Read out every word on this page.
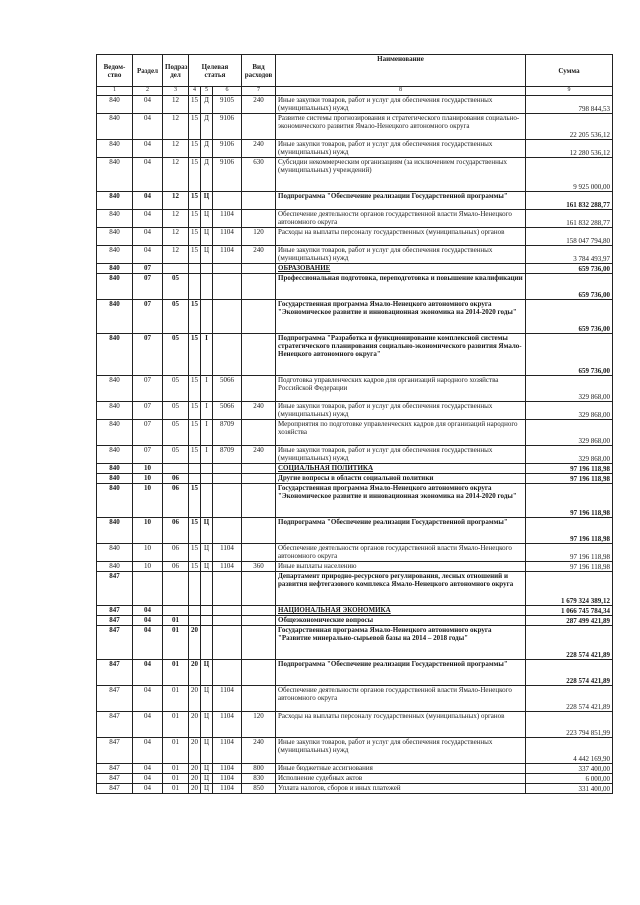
Ведом-ство	Раздел	Подраз дел	Целевая статья			Вид расходов	Наименование	Сумма
1	2	3	4	5	6	7	8	9
840	04	12	15	Д	9105	240	Иные закупки товаров, работ и услуг для обеспечения государственных (муниципальных) нужд	798 844,53
840	04	12	15	Д	9106		Развитие системы прогнозирования и стратегического планирования социально-экономического развития Ямало-Ненецкого автономного округа	22 205 536,12
840	04	12	15	Д	9106	240	Иные закупки товаров, работ и услуг для обеспечения государственных (муниципальных) нужд	12 280 536,12
840	04	12	15	Д	9106	630	Субсидии некоммерческим организациям (за исключением государственных (муниципальных) учреждений)	9 925 000,00
840	04	12	15	Ц			Подпрограмма "Обеспечение реализации Государственной программы"	161 832 288,77
840	04	12	15	Ц	1104		Обеспечение деятельности органов государственной власти Ямало-Ненецкого автономного округа	161 832 288,77
840	04	12	15	Ц	1104	120	Расходы на выплаты персоналу государственных (муниципальных) органов	158 047 794,80
840	04	12	15	Ц	1104	240	Иные закупки товаров, работ и услуг для обеспечения государственных (муниципальных) нужд	3 784 493,97
840	07						ОБРАЗОВАНИЕ	659 736,00
840	07	05					Профессиональная подготовка, переподготовка и повышение квалификации	659 736,00
840	07	05	15				Государственная программа Ямало-Ненецкого автономного округа "Экономическое развитие и инновационная экономика на 2014-2020 годы"	659 736,00
840	07	05	15	I			Подпрограмма "Разработка и функционирование комплексной системы стратегического планирования социально-экономического развития Ямало-Ненецкого автономного округа"	659 736,00
840	07	05	15	I	5066		Подготовка управленческих кадров для организаций народного хозяйства Российской Федерации	329 868,00
840	07	05	15	I	5066	240	Иные закупки товаров, работ и услуг для обеспечения государственных (муниципальных) нужд	329 868,00
840	07	05	15	I	8709		Мероприятия по подготовке управленческих кадров для организаций народного хозяйства	329 868,00
840	07	05	15	I	8709	240	Иные закупки товаров, работ и услуг для обеспечения государственных (муниципальных) нужд	329 868,00
840	10						СОЦИАЛЬНАЯ ПОЛИТИКА	97 196 118,98
840	10	06					Другие вопросы в области социальной политики	97 196 118,98
840	10	06	15				Государственная программа Ямало-Ненецкого автономного округа "Экономическое развитие и инновационная экономика на 2014-2020 годы"	97 196 118,98
840	10	06	15	Ц			Подпрограмма "Обеспечение реализации Государственной программы"	97 196 118,98
840	10	06	15	Ц	1104		Обеспечение деятельности органов государственной власти Ямало-Ненецкого автономного округа	97 196 118,98
840	10	06	15	Ц	1104	360	Иные выплаты населению	97 196 118,98
847							Департамент природно-ресурсного регулирования, лесных отношений и развития нефтегазового комплекса Ямало-Ненецкого автономного округа	1 679 324 389,12
847	04						НАЦИОНАЛЬНАЯ ЭКОНОМИКА	1 066 745 784,34
847	04	01					Общеэкономические вопросы	287 499 421,89
847	04	01	20				Государственная программа Ямало-Ненецкого автономного округа "Развитие минерально-сырьевой базы на 2014 – 2018 годы"	228 574 421,89
847	04	01	20	Ц			Подпрограмма "Обеспечение реализации Государственной программы"	228 574 421,89
847	04	01	20	Ц	1104		Обеспечение деятельности органов государственной власти Ямало-Ненецкого автономного округа	228 574 421,89
847	04	01	20	Ц	1104	120	Расходы на выплаты персоналу государственных (муниципальных) органов	223 794 851,99
847	04	01	20	Ц	1104	240	Иные закупки товаров, работ и услуг для обеспечения государственных (муниципальных) нужд	4 442 169,90
847	04	01	20	Ц	1104	800	Иные бюджетные ассигнования	337 400,00
847	04	01	20	Ц	1104	830	Исполнение судебных актов	6 000,00
847	04	01	20	Ц	1104	850	Уплата налогов, сборов и иных платежей	331 400,00
